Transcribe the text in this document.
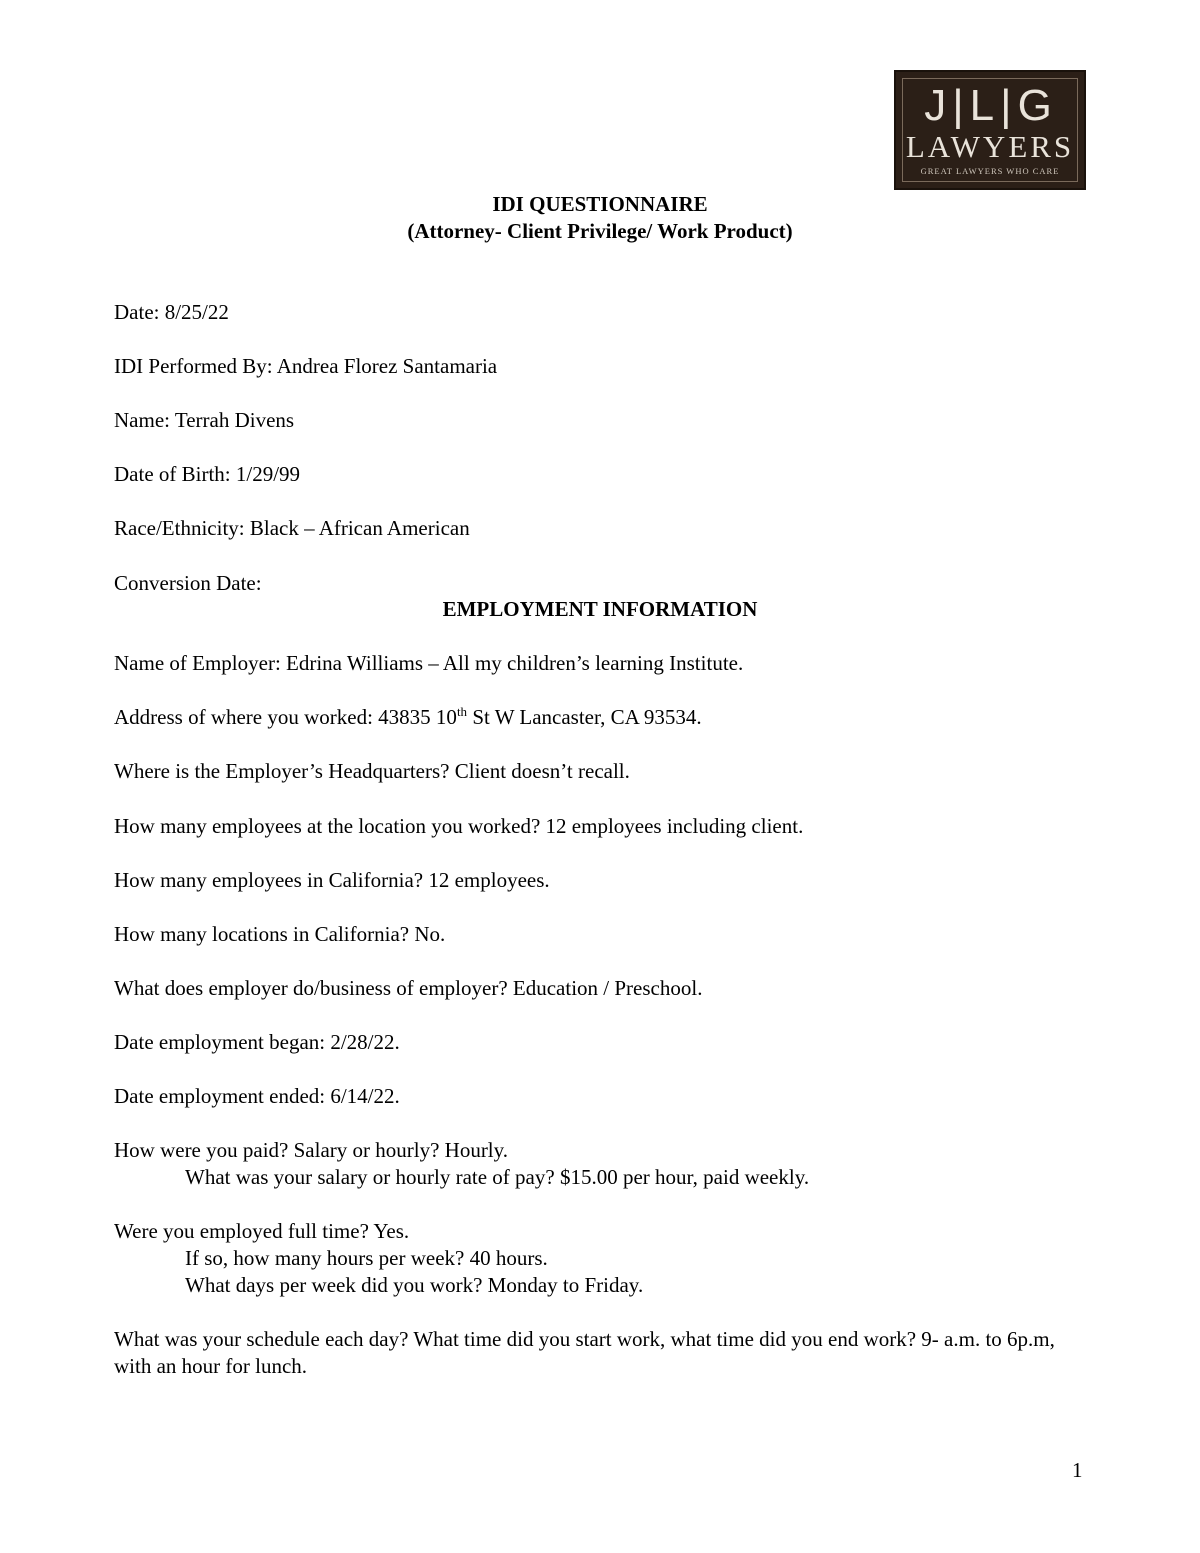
J|L|G
LAWYERS
GREAT LAWYERS WHO CARE
IDI QUESTIONNAIRE
(Attorney- Client Privilege/ Work Product)
Date: 8/25/22
IDI Performed By: Andrea Florez Santamaria
Name: Terrah Divens
Date of Birth: 1/29/99
Race/Ethnicity: Black – African American
Conversion Date:
EMPLOYMENT INFORMATION
Name of Employer: Edrina Williams – All my children’s learning Institute.
Address of where you worked: 43835 10th St W Lancaster, CA 93534.
Where is the Employer’s Headquarters? Client doesn’t recall.
How many employees at the location you worked? 12 employees including client.
How many employees in California? 12 employees.
How many locations in California? No.
What does employer do/business of employer? Education / Preschool.
Date employment began: 2/28/22.
Date employment ended: 6/14/22.
How were you paid? Salary or hourly? Hourly.
What was your salary or hourly rate of pay? $15.00 per hour, paid weekly.
Were you employed full time? Yes.
If so, how many hours per week? 40 hours.
What days per week did you work? Monday to Friday.
What was your schedule each day? What time did you start work, what time did you end work? 9- a.m. to 6p.m, with an hour for lunch.
1
